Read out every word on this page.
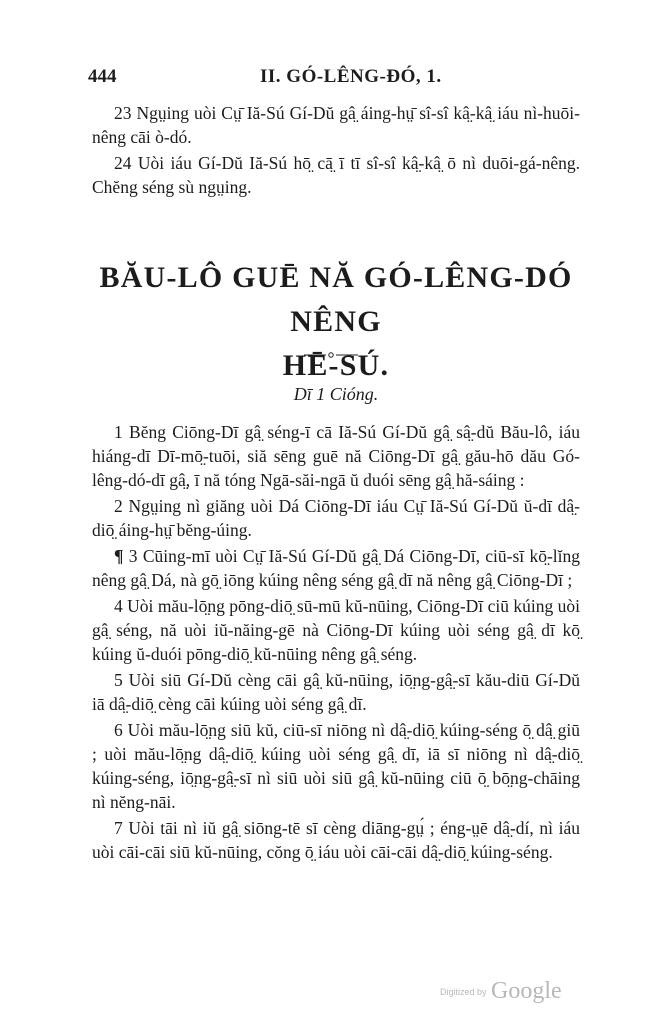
444	II. GÓ-LÊNG-ĐÓ, 1.

23 Ngṳing uòi Cṳ̄ Iă-Sú Gí-Dŭ gâ̤ áing-hṳ̄ sî-sî kâ̤-kâ̤ iáu nì-huōi-nêng cāi ò-dó.

24 Uòi iáu Gí-Dŭ Iă-Sú hō̤ cā̤ ī tī sî-sî kâ̤-kâ̤ ō nì duōi-gá-nêng. Chĕng séng sù ngṳing.

BĂU-LÔ GUĒ NĂ GÓ-LÊNG-DÓ NÊNG
HĒ-SÚ.
Dī 1 Cióng.

1 Bĕng Ciōng-Dī gâ̤ séng-ī cā Iă-Sú Gí-Dŭ gâ̤ sâ̤-dŭ Bău-lô, iáu hiáng-dī Dī-mō̤-tuōi, siă sēng guē nă Ciōng-Dī gâ̤ gău-hō dău Gó-lêng-dó-dī gâ̤, ī nă tóng Ngā-săi-ngā ŭ duói sēng gâ̤ hă-sáing :

2 Ngṳing nì giăng uòi Dá Ciōng-Dī iáu Cṳ̄ Iă-Sú Gí-Dŭ ŭ-dī dâ̤-diō̤ áing-hṳ̄ bĕng-úing.

¶ 3 Cūing-mī uòi Cṳ̄ Iă-Sú Gí-Dŭ gâ̤ Dá Ciōng-Dī, ciū-sī kō̤-lĭng nêng gâ̤ Dá, nà gō̤ iōng kúing nêng séng gâ̤ dī nă nêng gâ̤ Ciōng-Dī ;

4 Uòi mău-lō̤ng pōng-diō̤ sū-mū kŭ-nūing, Ciōng-Dī ciū kúing uòi gâ̤ séng, nă uòi iŭ-năing-gē nà Ciōng-Dī kúing uòi séng gâ̤ dī kō̤ kúing ŭ-duói pōng-diō̤ kŭ-nūing nêng gâ̤ séng.

5 Uòi siū Gí-Dŭ cèng cāi gâ̤ kŭ-nūing, iō̤ng-gâ̤-sī kău-diū Gí-Dŭ iā dâ̤-diō̤ cèng cāi kúing uòi séng gâ̤ dī.

6 Uòi mău-lō̤ng siū kŭ, ciū-sī niōng nì dâ̤-diō̤ kúing-séng ō̤ dâ̤ giū ; uòi mău-lō̤ng dâ̤-diō̤ kúing uòi séng gâ̤ dī, iā sī niōng nì dâ̤-diō̤ kúing-séng, iō̤ng-gâ̤-sī nì siū uòi siū gâ̤ kŭ-nūing ciū ō̤ bō̤ng-chāing nì nĕng-nāi.

7 Uòi tāi nì iŭ gâ̤ siōng-tē sī cèng diāng-gṳ́ ; éng-ṳē dâ̤-dí, nì iáu uòi cāi-cāi siū kŭ-nūing, cŏng ō̤ iáu uòi cāi-cāi dâ̤-diō̤ kúing-séng.

Digitized by Google
